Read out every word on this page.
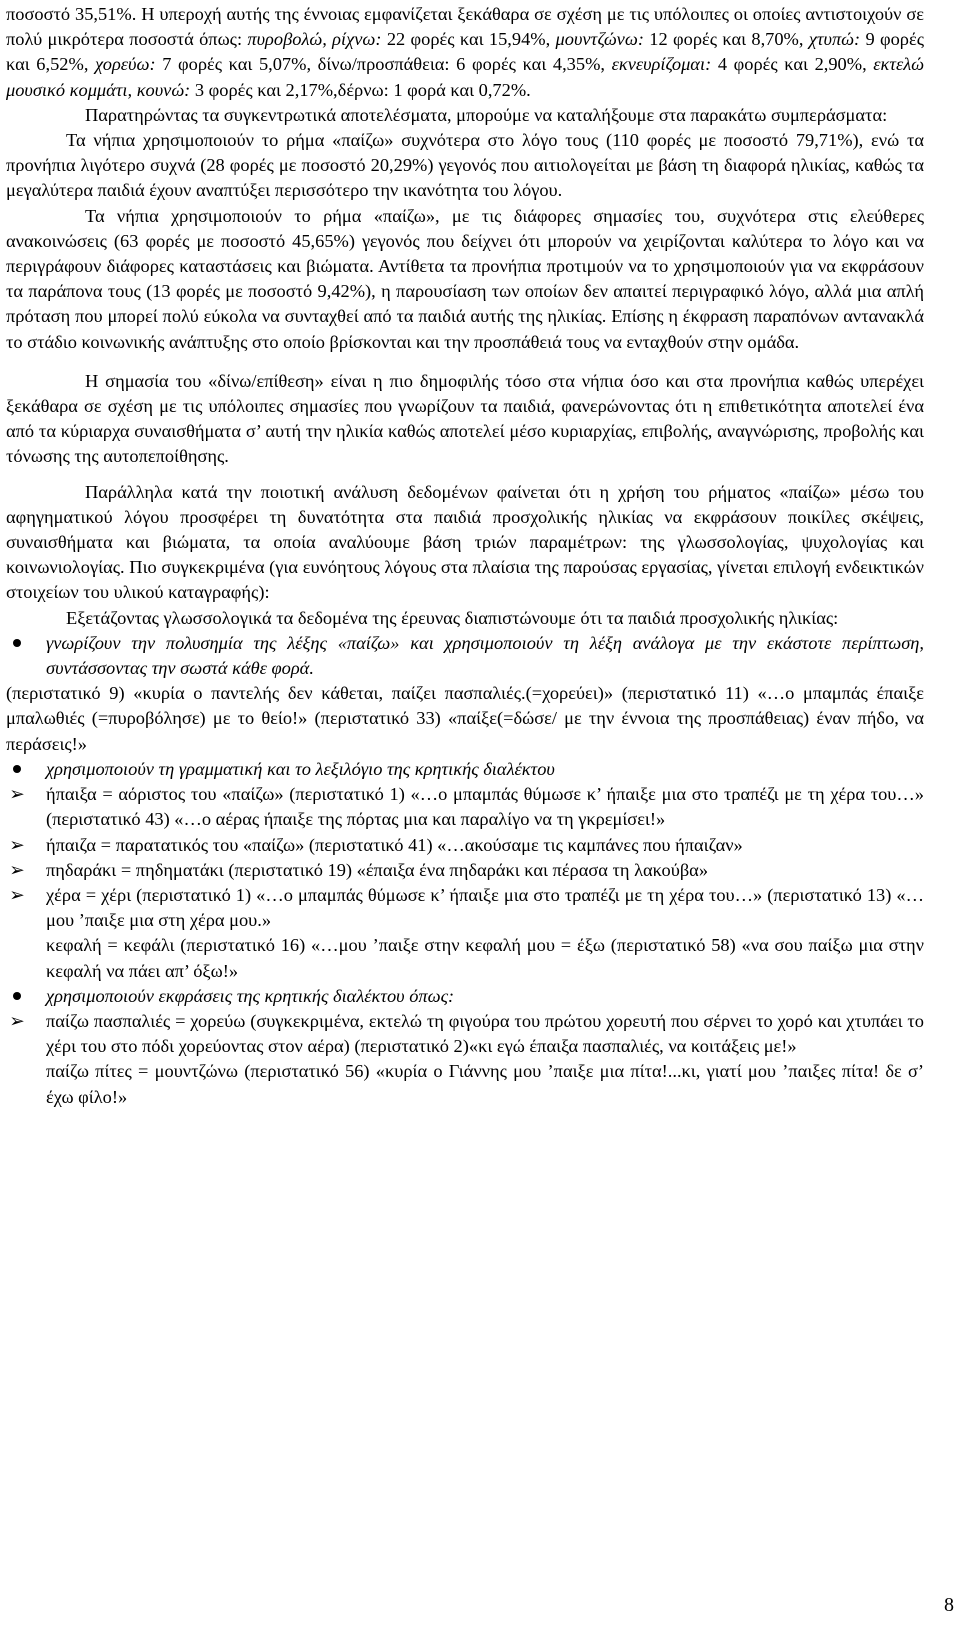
ποσοστό 35,51%. Η υπεροχή αυτής της έννοιας εμφανίζεται ξεκάθαρα σε σχέση με τις υπόλοιπες οι οποίες αντιστοιχούν σε πολύ μικρότερα ποσοστά όπως: πυροβολώ, ρίχνω: 22 φορές και 15,94%, μουντζώνω: 12 φορές και 8,70%, χτυπώ: 9 φορές και 6,52%, χορεύω: 7 φορές και 5,07%, δίνω/προσπάθεια: 6 φορές και 4,35%, εκνευρίζομαι: 4 φορές και 2,90%, εκτελώ μουσικό κομμάτι, κουνώ: 3 φορές και 2,17%,δέρνω: 1 φορά και 0,72%.

Παρατηρώντας τα συγκεντρωτικά αποτελέσματα, μπορούμε να καταλήξουμε στα παρακάτω συμπεράσματα:

Τα νήπια χρησιμοποιούν το ρήμα «παίζω» συχνότερα στο λόγο τους (110 φορές με ποσοστό 79,71%), ενώ τα προνήπια λιγότερο συχνά (28 φορές με ποσοστό 20,29%) γεγονός που αιτιολογείται με βάση τη διαφορά ηλικίας, καθώς τα μεγαλύτερα παιδιά έχουν αναπτύξει περισσότερο την ικανότητα του λόγου.

Τα νήπια χρησιμοποιούν το ρήμα «παίζω», με τις διάφορες σημασίες του, συχνότερα στις ελεύθερες ανακοινώσεις (63 φορές με ποσοστό 45,65%) γεγονός που δείχνει ότι μπορούν να χειρίζονται καλύτερα το λόγο και να περιγράφουν διάφορες καταστάσεις και βιώματα. Αντίθετα τα προνήπια προτιμούν να το χρησιμοποιούν για να εκφράσουν τα παράπονα τους (13 φορές με ποσοστό 9,42%), η παρουσίαση των οποίων δεν απαιτεί περιγραφικό λόγο, αλλά μια απλή πρόταση που μπορεί πολύ εύκολα να συνταχθεί από τα παιδιά αυτής της ηλικίας. Επίσης η έκφραση παραπόνων αντανακλά το στάδιο κοινωνικής ανάπτυξης στο οποίο βρίσκονται και την προσπάθειά τους να ενταχθούν στην ομάδα.

Η σημασία του «δίνω/επίθεση» είναι η πιο δημοφιλής τόσο στα νήπια όσο και στα προνήπια καθώς υπερέχει ξεκάθαρα σε σχέση με τις υπόλοιπες σημασίες που γνωρίζουν τα παιδιά, φανερώνοντας ότι η επιθετικότητα αποτελεί ένα από τα κύριαρχα συναισθήματα σ’ αυτή την ηλικία καθώς αποτελεί μέσο κυριαρχίας, επιβολής, αναγνώρισης, προβολής και τόνωσης της αυτοπεποίθησης.

Παράλληλα κατά την ποιοτική ανάλυση δεδομένων φαίνεται ότι η χρήση του ρήματος «παίζω» μέσω του αφηγηματικού λόγου προσφέρει τη δυνατότητα στα παιδιά προσχολικής ηλικίας να εκφράσουν ποικίλες σκέψεις, συναισθήματα και βιώματα, τα οποία αναλύουμε βάση τριών παραμέτρων: της γλωσσολογίας, ψυχολογίας και κοινωνιολογίας. Πιο συγκεκριμένα (για ευνόητους λόγους στα πλαίσια της παρούσας εργασίας, γίνεται επιλογή ενδεικτικών στοιχείων του υλικού καταγραφής):

Εξετάζοντας γλωσσολογικά τα δεδομένα της έρευνας διαπιστώνουμε ότι τα παιδιά προσχολικής ηλικίας:

γνωρίζουν την πολυσημία της λέξης «παίζω» και χρησιμοποιούν τη λέξη ανάλογα με την εκάστοτε περίπτωση, συντάσσοντας την σωστά κάθε φορά.

(περιστατικό 9) «κυρία ο παντελής δεν κάθεται, παίζει πασπαλιές.(=χορεύει)» (περιστατικό 11) «…ο μπαμπάς έπαιξε μπαλωθιές (=πυροβόλησε) με το θείο!» (περιστατικό 33) «παίξε(=δώσε/ με την έννοια της προσπάθειας) έναν πήδο, να περάσεις!»

χρησιμοποιούν τη γραμματική και το λεξιλόγιο της κρητικής διαλέκτου
➢ ήπαιξα = αόριστος του «παίζω» (περιστατικό 1) «…ο μπαμπάς θύμωσε κ’ ήπαιξε μια στο τραπέζι με τη χέρα του…» (περιστατικό 43) «…ο αέρας ήπαιξε της πόρτας μια και παραλίγο να τη γκρεμίσει!»
➢ ήπαιζα = παρατατικός του «παίζω» (περιστατικό 41) «…ακούσαμε τις καμπάνες που ήπαιζαν»
➢ πηδαράκι = πηδηματάκι (περιστατικό 19) «έπαιξα ένα πηδαράκι και πέρασα τη λακούβα»
➢ χέρα = χέρι (περιστατικό 1) «…ο μπαμπάς θύμωσε κ’ ήπαιξε μια στο τραπέζι με τη χέρα του…» (περιστατικό 13) «…μου ’παιξε μια στη χέρα μου.»
κεφαλή = κεφάλι (περιστατικό 16) «…μου ’παιξε στην κεφαλή μου = έξω (περιστατικό 58) «να σου παίξω μια στην κεφαλή να πάει απ’ όξω!»
χρησιμοποιούν εκφράσεις της κρητικής διαλέκτου όπως:
➢ παίζω πασπαλιές = χορεύω (συγκεκριμένα, εκτελώ τη φιγούρα του πρώτου χορευτή που σέρνει το χορό και χτυπάει το χέρι του στο πόδι χορεύοντας στον αέρα) (περιστατικό 2)«κι εγώ έπαιξα πασπαλιές, να κοιτάξεις με!»
παίζω πίτες = μουντζώνω (περιστατικό 56) «κυρία ο Γιάννης μου ’παιξε μια πίτα!...κι, γιατί μου ’παιξες πίτα! δε σ’ έχω φίλο!»
8
